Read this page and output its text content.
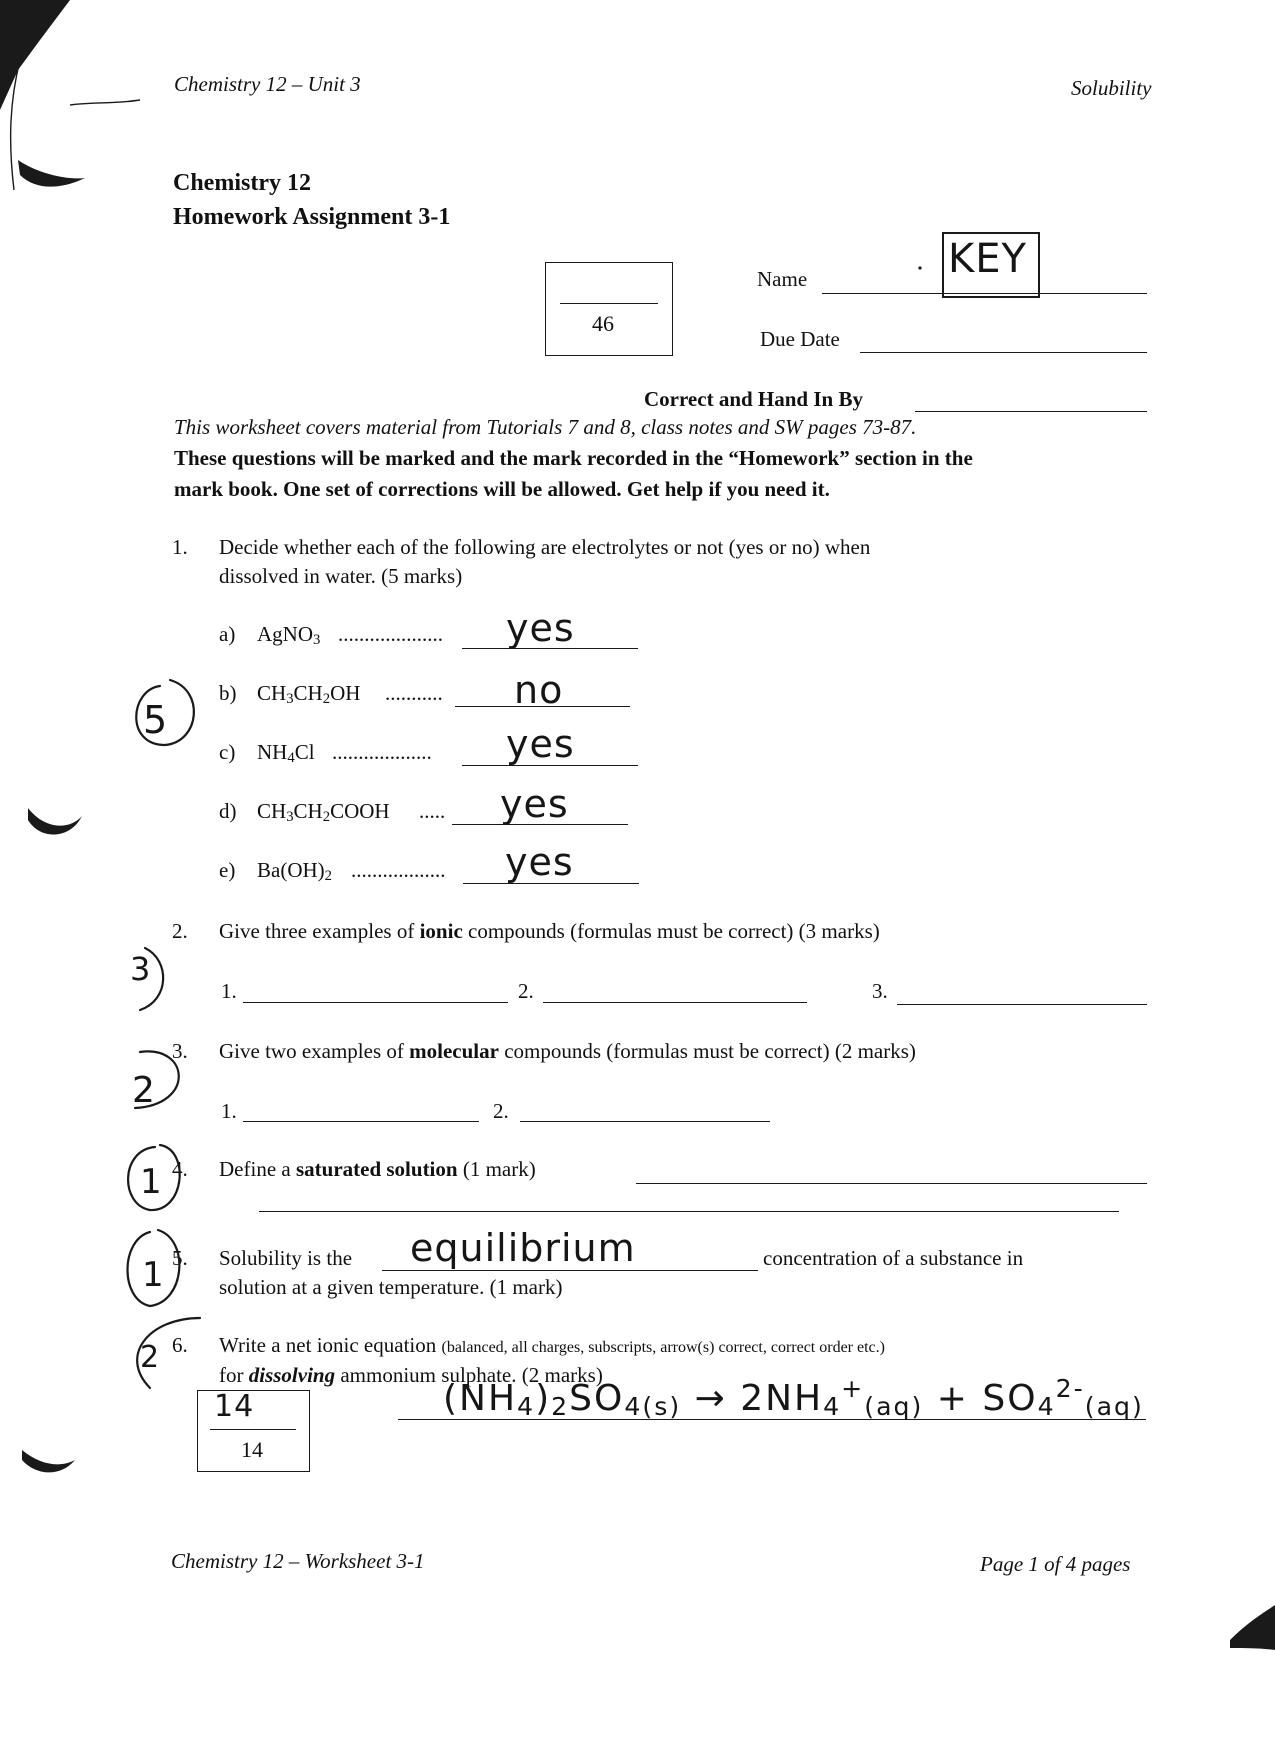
Chemistry 12 – Unit 3	Solubility
Chemistry 12
Homework Assignment 3-1
46
Name	KEY
Due Date
Correct and Hand In By
This worksheet covers material from Tutorials 7 and 8, class notes and SW pages 73-87.
These questions will be marked and the mark recorded in the “Homework” section in the
mark book. One set of corrections will be allowed. Get help if you need it.
1. Decide whether each of the following are electrolytes or not (yes or no) when
dissolved in water. (5 marks)
5
a) AgNO$_3$ .................... yes
b) $CH_3CH_2OH$ ........... no
c) $NH_4Cl$ ................... yes
d) $CH_3CH_2COOH$ ..... yes
e) $Ba(OH)_2$ .................. yes
2. Give three examples of ionic compounds (formulas must be correct) (3 marks)
3
1.	2.	3.
3. Give two examples of molecular compounds (formulas must be correct) (2 marks)
2	1.	2.
4. Define a saturated solution (1 mark)
1
5. Solubility is the equilibrium	concentration of a substance in
solution at a given temperature. (1 mark)
1
6. Write a net ionic equation (balanced, all charges, subscripts, arrow(s) correct, correct order etc.)
for dissolving ammonium sulphate. (2 marks)
2
$(NH_4)_2SO_{4(s)} \to 2NH_4^+_{(aq)} + SO_4^{2-}_{(aq)}$
14
14
Chemistry 12 – Worksheet 3-1	Page 1 of 4 pages
